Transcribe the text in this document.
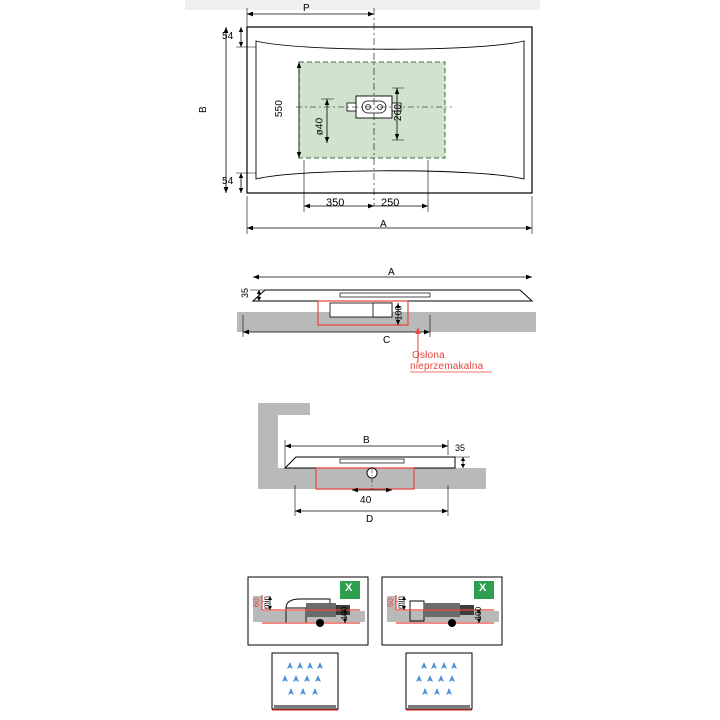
P
A
B
54
54
550	260
ø40
350	250
A
35
100
C
Osłona
nieprzemakalna
B
35
40
D
60 min
100
X
60 min
100
X
